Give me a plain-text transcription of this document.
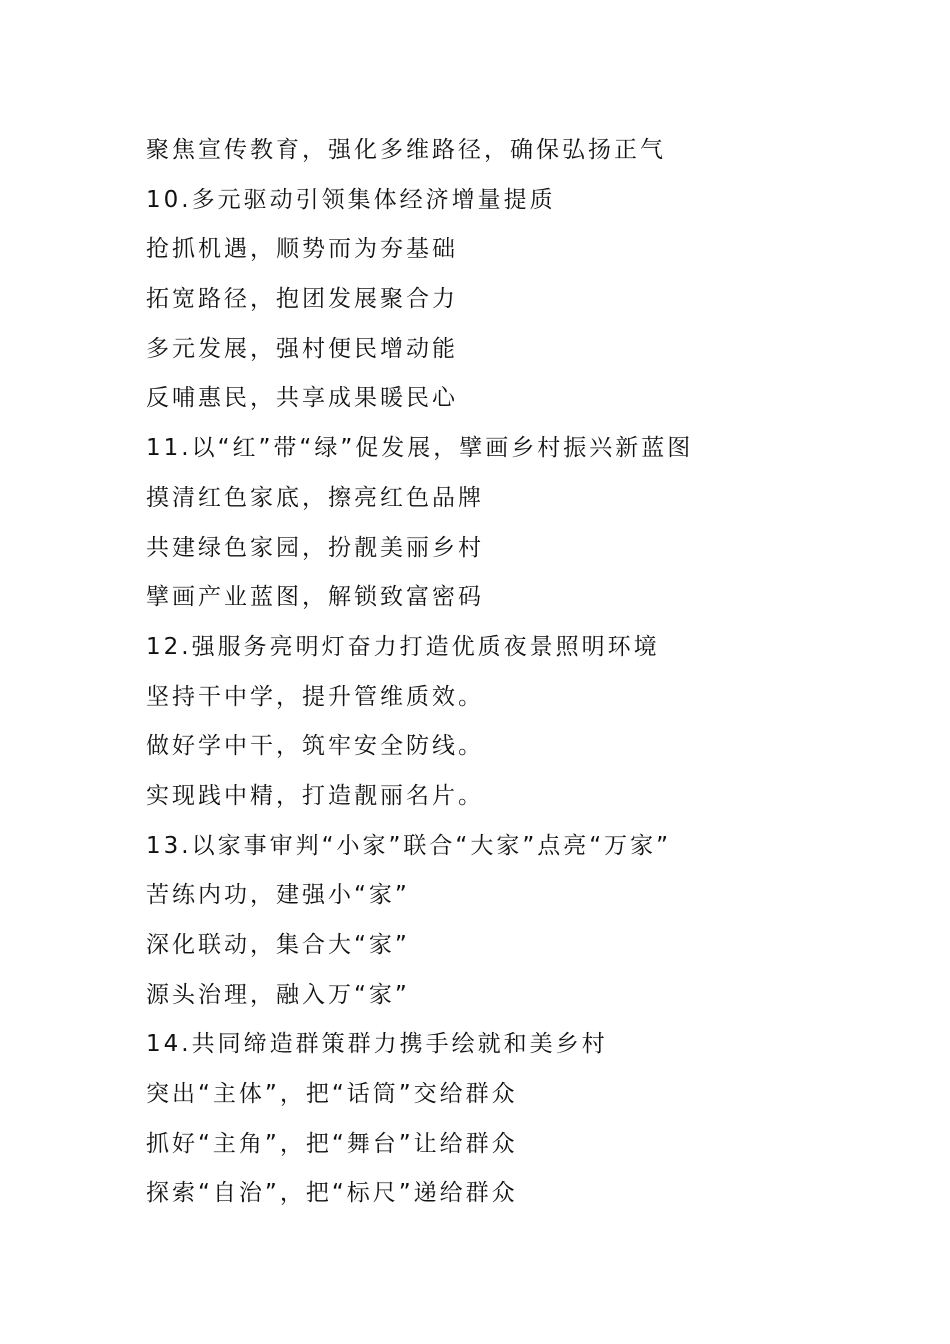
聚焦宣传教育，强化多维路径，确保弘扬正气
10.多元驱动引领集体经济增量提质
抢抓机遇，顺势而为夯基础
拓宽路径，抱团发展聚合力
多元发展，强村便民增动能
反哺惠民，共享成果暖民心
11.以“红”带“绿”促发展，擘画乡村振兴新蓝图
摸清红色家底，擦亮红色品牌
共建绿色家园，扮靓美丽乡村
擘画产业蓝图，解锁致富密码
12.强服务亮明灯奋力打造优质夜景照明环境
坚持干中学，提升管维质效。
做好学中干，筑牢安全防线。
实现践中精，打造靓丽名片。
13.以家事审判“小家”联合“大家”点亮“万家”
苦练内功，建强小“家”
深化联动，集合大“家”
源头治理，融入万“家”
14.共同缔造群策群力携手绘就和美乡村
突出“主体”，把“话筒”交给群众
抓好“主角”，把“舞台”让给群众
探索“自治”，把“标尺”递给群众
